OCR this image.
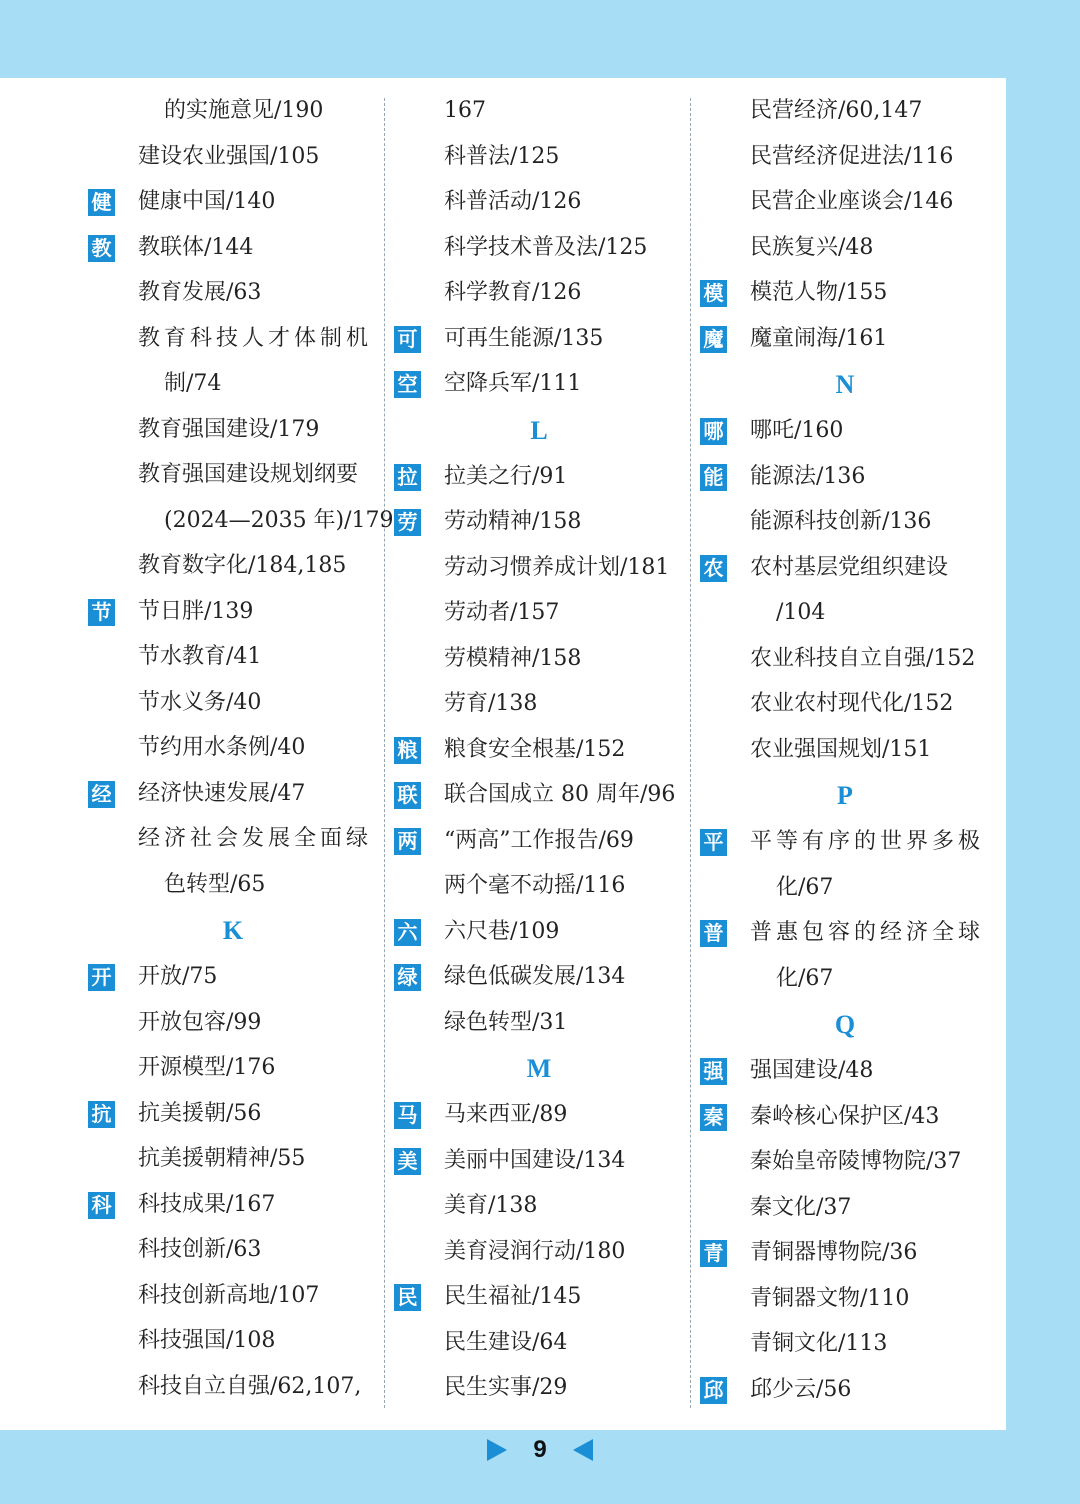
的实施意见/190
建设农业强国/105
健 健康中国/140
教 教联体/144
教育发展/63
教育科技人才体制机
制/74
教育强国建设/179
教育强国建设规划纲要
(2024—2035 年)/179
教育数字化/184,185
节 节日胖/139
节水教育/41
节水义务/40
节约用水条例/40
经 经济快速发展/47
经济社会发展全面绿
色转型/65
K
开 开放/75
开放包容/99
开源模型/176
抗 抗美援朝/56
抗美援朝精神/55
科 科技成果/167
科技创新/63
科技创新高地/107
科技强国/108
科技自立自强/62,107,
167
科普法/125
科普活动/126
科学技术普及法/125
科学教育/126
可 可再生能源/135
空 空降兵军/111
L
拉 拉美之行/91
劳 劳动精神/158
劳动习惯养成计划/181
劳动者/157
劳模精神/158
劳育/138
粮 粮食安全根基/152
联 联合国成立 80 周年/96
两 “两高”工作报告/69
两个毫不动摇/116
六 六尺巷/109
绿 绿色低碳发展/134
绿色转型/31
M
马 马来西亚/89
美 美丽中国建设/134
美育/138
美育浸润行动/180
民 民生福祉/145
民生建设/64
民生实事/29
民营经济/60,147
民营经济促进法/116
民营企业座谈会/146
民族复兴/48
模 模范人物/155
魔 魔童闹海/161
N
哪 哪吒/160
能 能源法/136
能源科技创新/136
农 农村基层党组织建设
/104
农业科技自立自强/152
农业农村现代化/152
农业强国规划/151
P
平 平等有序的世界多极
化/67
普 普惠包容的经济全球
化/67
Q
强 强国建设/48
秦 秦岭核心保护区/43
秦始皇帝陵博物院/37
秦文化/37
青 青铜器博物院/36
青铜器文物/110
青铜文化/113
邱 邱少云/56
9
